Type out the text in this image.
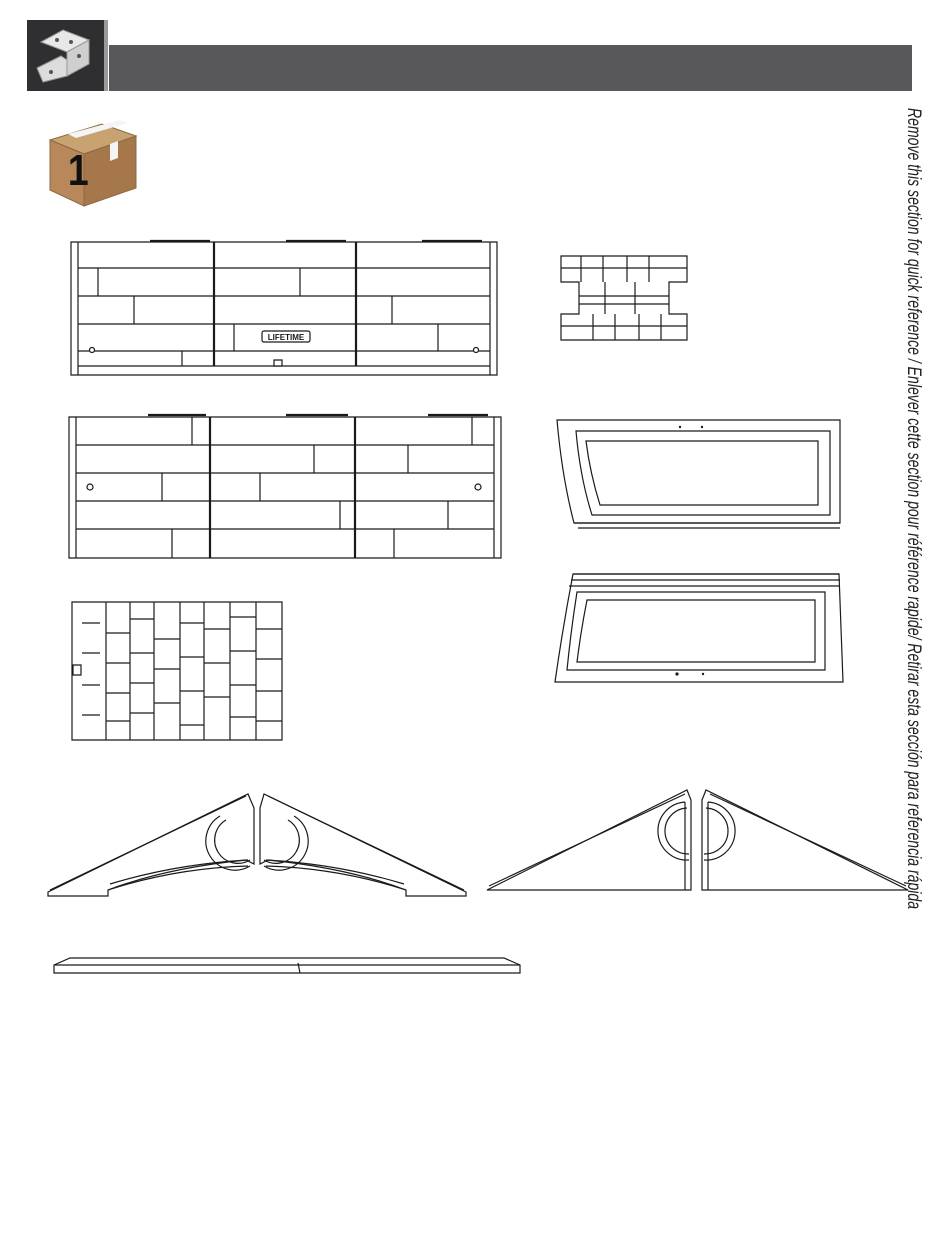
1	Remove this section for quick reference / Enlever cette section pour référence rapide/ Retirar esta sección para referencia rápida
LIFETIME
